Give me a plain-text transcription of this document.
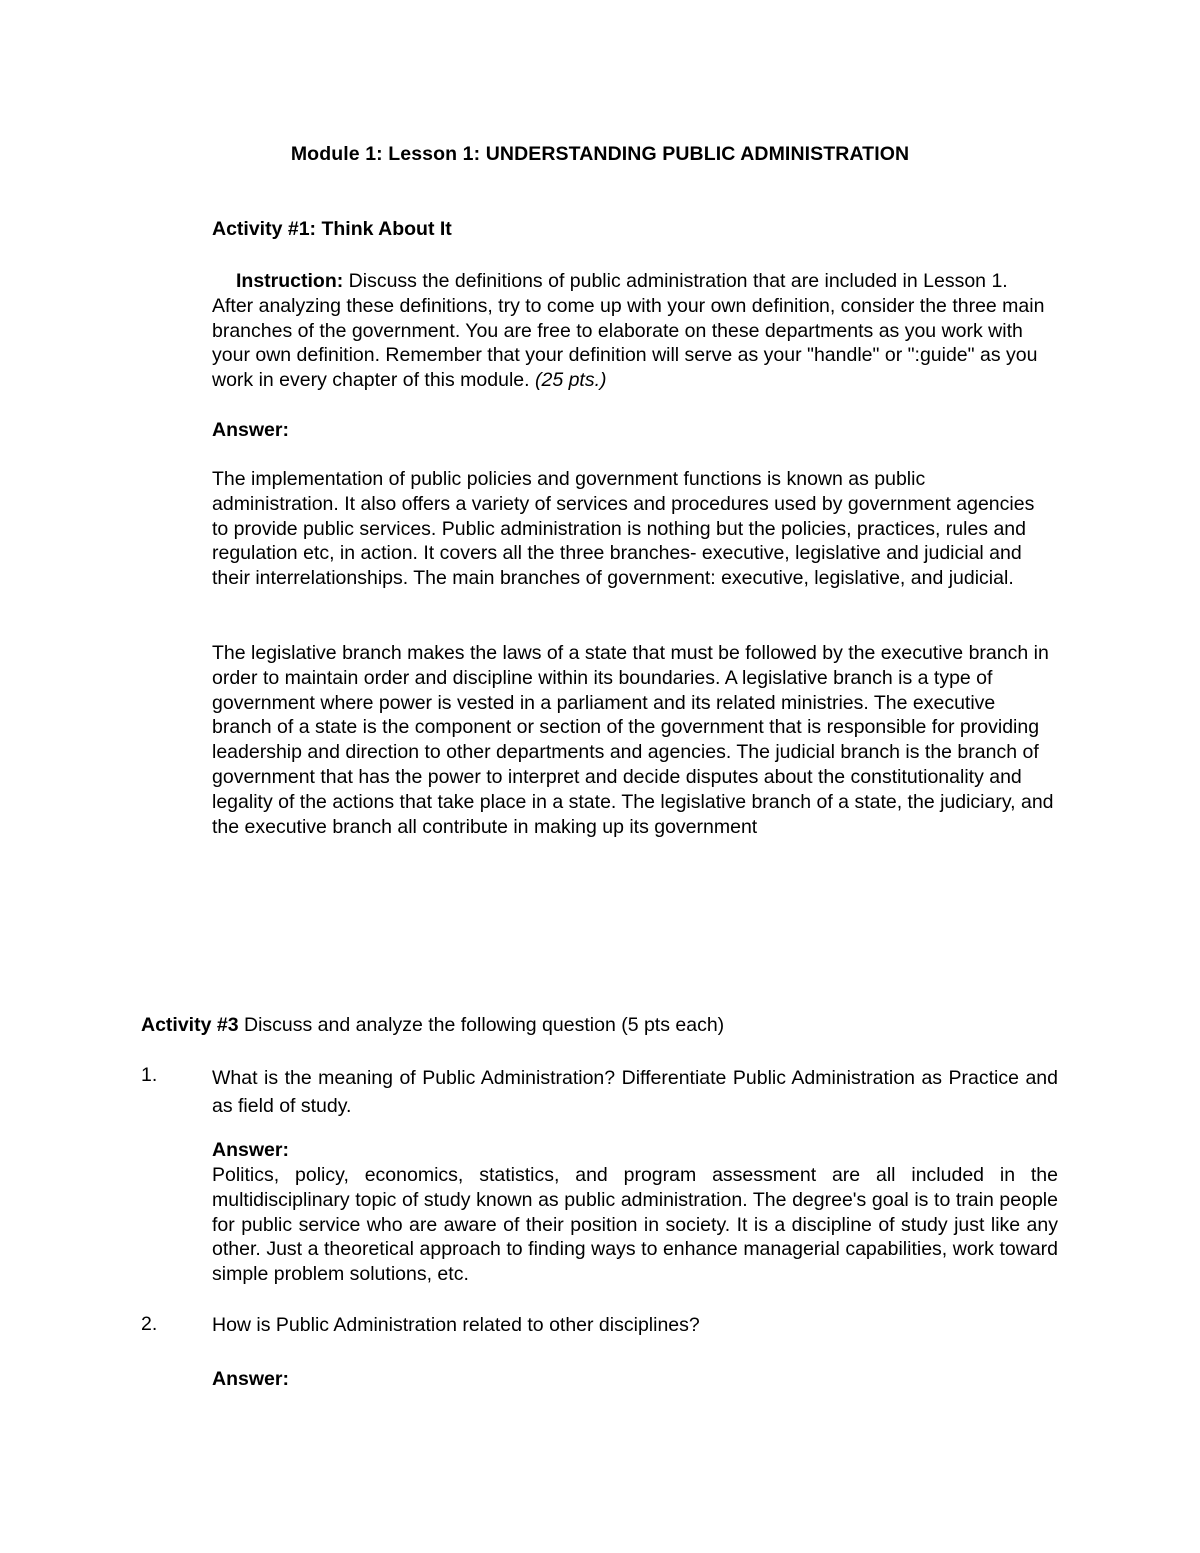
Module 1: Lesson 1: UNDERSTANDING PUBLIC ADMINISTRATION
Activity #1: Think About It

Instruction: Discuss the definitions of public administration that are included in Lesson 1. After analyzing these definitions, try to come up with your own definition, consider the three main branches of the government. You are free to elaborate on these departments as you work with your own definition. Remember that your definition will serve as your "handle" or ":guide" as you work in every chapter of this module. (25 pts.)

Answer:

The implementation of public policies and government functions is known as public administration. It also offers a variety of services and procedures used by government agencies to provide public services. Public administration is nothing but the policies, practices, rules and regulation etc, in action. It covers all the three branches- executive, legislative and judicial and their interrelationships. The main branches of government: executive, legislative, and judicial.

The legislative branch makes the laws of a state that must be followed by the executive branch in order to maintain order and discipline within its boundaries. A legislative branch is a type of government where power is vested in a parliament and its related ministries. The executive branch of a state is the component or section of the government that is responsible for providing leadership and direction to other departments and agencies. The judicial branch is the branch of government that has the power to interpret and decide disputes about the constitutionality and legality of the actions that take place in a state. The legislative branch of a state, the judiciary, and the executive branch all contribute in making up its government

Activity #3 Discuss and analyze the following question (5 pts each)
1.	What is the meaning of Public Administration? Differentiate Public Administration as Practice and as field of study.
Answer:
Politics, policy, economics, statistics, and program assessment are all included in the multidisciplinary topic of study known as public administration. The degree's goal is to train people for public service who are aware of their position in society. It is a discipline of study just like any other. Just a theoretical approach to finding ways to enhance managerial capabilities, work toward simple problem solutions, etc.
2.	How is Public Administration related to other disciplines?
Answer:
